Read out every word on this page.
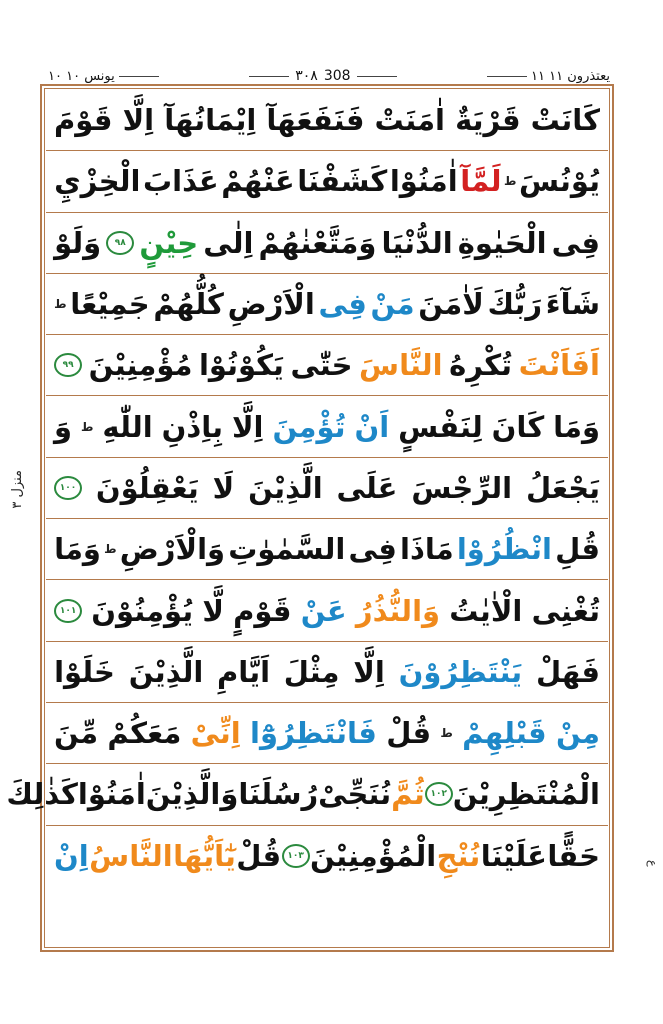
۱۰ یونس ۱۰	۳۰۸ 308	۱۱ یعتذرون ۱۱
منزل ۳
ع
كَانَتْ
قَرْيَةٌ
اٰمَنَتْ
فَنَفَعَهَآ
اِيْمَانُهَآ
اِلَّا
قَوْمَ
يُوْنُسَ
ط
لَمَّآ
اٰمَنُوْا
كَشَفْنَا
عَنْهُمْ
عَذَابَ
الْخِزْيِ
فِى
الْحَيٰوةِ
الدُّنْيَا
وَمَتَّعْنٰهُمْ
اِلٰى
حِيْنٍ
۹۸
وَلَوْ
شَآءَ
رَبُّكَ
لَاٰمَنَ
مَنْ
فِى
الْاَرْضِ
كُلُّهُمْ
جَمِيْعًا
ط
اَفَاَنْتَ
تُكْرِهُ
النَّاسَ
حَتّٰى
يَكُوْنُوْا
مُؤْمِنِيْنَ
۹۹
وَمَا
كَانَ
لِنَفْسٍ
اَنْ
تُؤْمِنَ
اِلَّا
بِاِذْنِ
اللّٰهِ
ط
وَ
يَجْعَلُ
الرِّجْسَ
عَلَى
الَّذِيْنَ
لَا
يَعْقِلُوْنَ
۱۰۰
قُلِ
انْظُرُوْا
مَاذَا
فِى
السَّمٰوٰتِ
وَالْاَرْضِ
ط
وَمَا
تُغْنِى
الْاٰيٰتُ
وَالنُّذُرُ
عَنْ
قَوْمٍ
لَّا
يُؤْمِنُوْنَ
۱۰۱
فَهَلْ
يَنْتَظِرُوْنَ
اِلَّا
مِثْلَ
اَيَّامِ
الَّذِيْنَ
خَلَوْا
مِنْ
قَبْلِهِمْ
ط
قُلْ
فَانْتَظِرُوْٓا
اِنِّىْ
مَعَكُمْ
مِّنَ
الْمُنْتَظِرِيْنَ
۱۰۲
ثُمَّ
نُنَجِّىْ
رُسُلَنَا
وَالَّذِيْنَ
اٰمَنُوْا
كَذٰلِكَ
حَقًّا
عَلَيْنَا
نُنْجِ
الْمُؤْمِنِيْنَ
۱۰۳
قُلْ
يٰٓاَيُّهَا
النَّاسُ
اِنْ
